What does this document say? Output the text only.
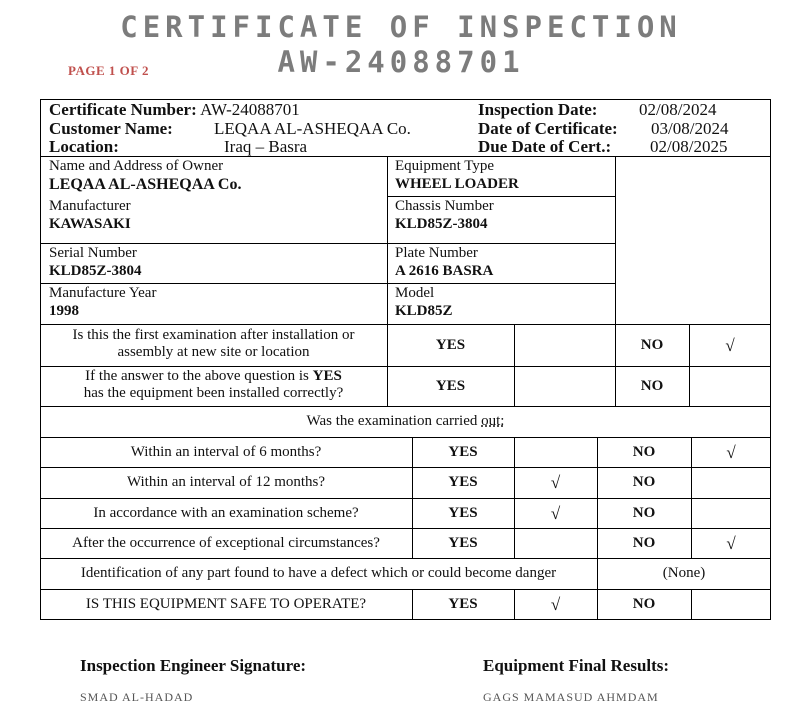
CERTIFICATE OF INSPECTION
AW-24088701
PAGE 1 OF 2
Certificate Number: AW-24088701
Customer Name: LEQAA AL-ASHEQAA Co.
Location:	Iraq – Basra
Inspection Date: 02/08/2024
Date of Certificate: 03/08/2024
Due Date of Cert.: 02/08/2025
Name and Address of Owner
LEQAA AL-ASHEQAA Co.
Equipment Type
WHEEL LOADER
Manufacturer
KAWASAKI
Chassis Number
KLD85Z-3804
Serial Number
KLD85Z-3804
Plate Number
A 2616 BASRA
Manufacture Year
1998
Model
KLD85Z
Is this the first examination after installation or
assembly at new site or location	YES	NO	√
If the answer to the above question is YES
has the equipment been installed correctly?	YES	NO
Was the examination carried out:
Within an interval of 6 months?	YES	NO	√
Within an interval of 12 months?	YES	√	NO
In accordance with an examination scheme?	YES	√	NO
After the occurrence of exceptional circumstances?	YES	NO	√
Identification of any part found to have a defect which or could become danger	(None)
IS THIS EQUIPMENT SAFE TO OPERATE?	YES	√	NO
Inspection Engineer Signature:	Equipment Final Results:
SMAD AL-HADAD	GAGS MAMASUD AHMDAM
